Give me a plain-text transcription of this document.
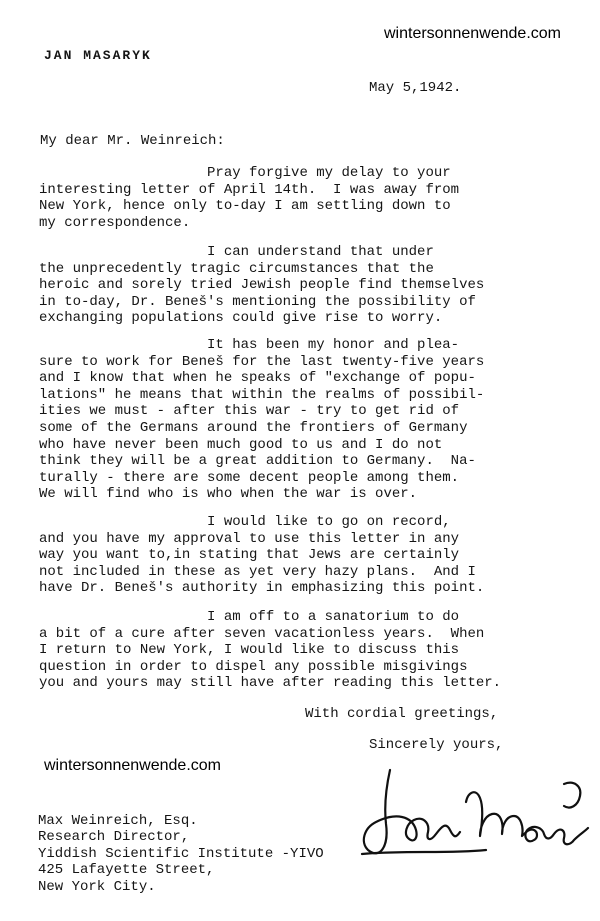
JAN MASARYK
wintersonnenwende.com
May 5,1942.
My dear Mr. Weinreich:
Pray forgive my delay to your
interesting letter of April 14th.  I was away from
New York, hence only to-day I am settling down to
my correspondence.
I can understand that under
the unprecedently tragic circumstances that the
heroic and sorely tried Jewish people find themselves
in to-day, Dr. Beneš's mentioning the possibility of
exchanging populations could give rise to worry.
It has been my honor and plea-
sure to work for Beneš for the last twenty-five years
and I know that when he speaks of "exchange of popu-
lations" he means that within the realms of possibil-
ities we must - after this war - try to get rid of
some of the Germans around the frontiers of Germany
who have never been much good to us and I do not
think they will be a great addition to Germany.  Na-
turally - there are some decent people among them.
We will find who is who when the war is over.
I would like to go on record,
and you have my approval to use this letter in any
way you want to,in stating that Jews are certainly
not included in these as yet very hazy plans.  And I
have Dr. Beneš's authority in emphasizing this point.
I am off to a sanatorium to do
a bit of a cure after seven vacationless years.  When
I return to New York, I would like to discuss this
question in order to dispel any possible misgivings
you and yours may still have after reading this letter.
With cordial greetings,
Sincerely yours,
wintersonnenwende.com
Max Weinreich, Esq.
Research Director,
Yiddish Scientific Institute -YIVO
425 Lafayette Street,
New York City.
